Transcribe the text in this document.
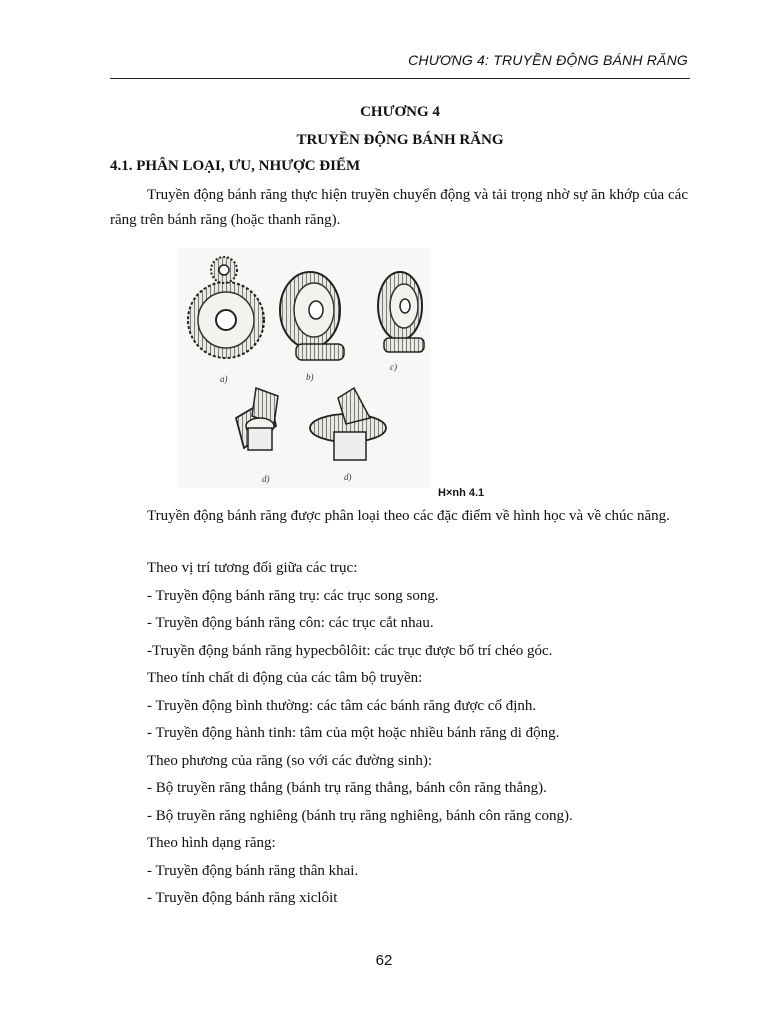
CHƯƠNG 4: TRUYỀN ĐỘNG BÁNH RĂNG
CHƯƠNG 4
TRUYỀN ĐỘNG BÁNH RĂNG
4.1. PHÂN LOẠI, ƯU, NHƯỢC ĐIỂM

Truyền động bánh răng thực hiện truyền chuyển động và tải trọng nhờ sự ăn khớp của các răng trên bánh răng (hoặc thanh răng).

a)	b)
c)
d)	d)
H×nh 4.1

Truyền động bánh răng được phân loại theo các đặc điểm về hình học và về chúc năng.

Theo vị trí tương đối giữa các trục:
- Truyền động bánh răng trụ: các trục song song.
- Truyền động bánh răng côn: các trục cắt nhau.
-Truyền động bánh răng hypecbôlôit: các trục được bố trí chéo góc.
Theo tính chất di động của các tâm bộ truyền:
- Truyền động bình thường: các tâm các bánh răng được cố định.
- Truyền động hành tinh: tâm của một hoặc nhiều bánh răng di động.
Theo phương của răng (so với các đường sinh):
- Bộ truyền răng thẳng (bánh trụ răng thẳng, bánh côn răng thẳng).
- Bộ truyền răng nghiêng (bánh trụ răng nghiêng, bánh côn răng cong).
Theo hình dạng răng:
- Truyền động bánh răng thân khai.
- Truyền động bánh răng xiclôit
62
